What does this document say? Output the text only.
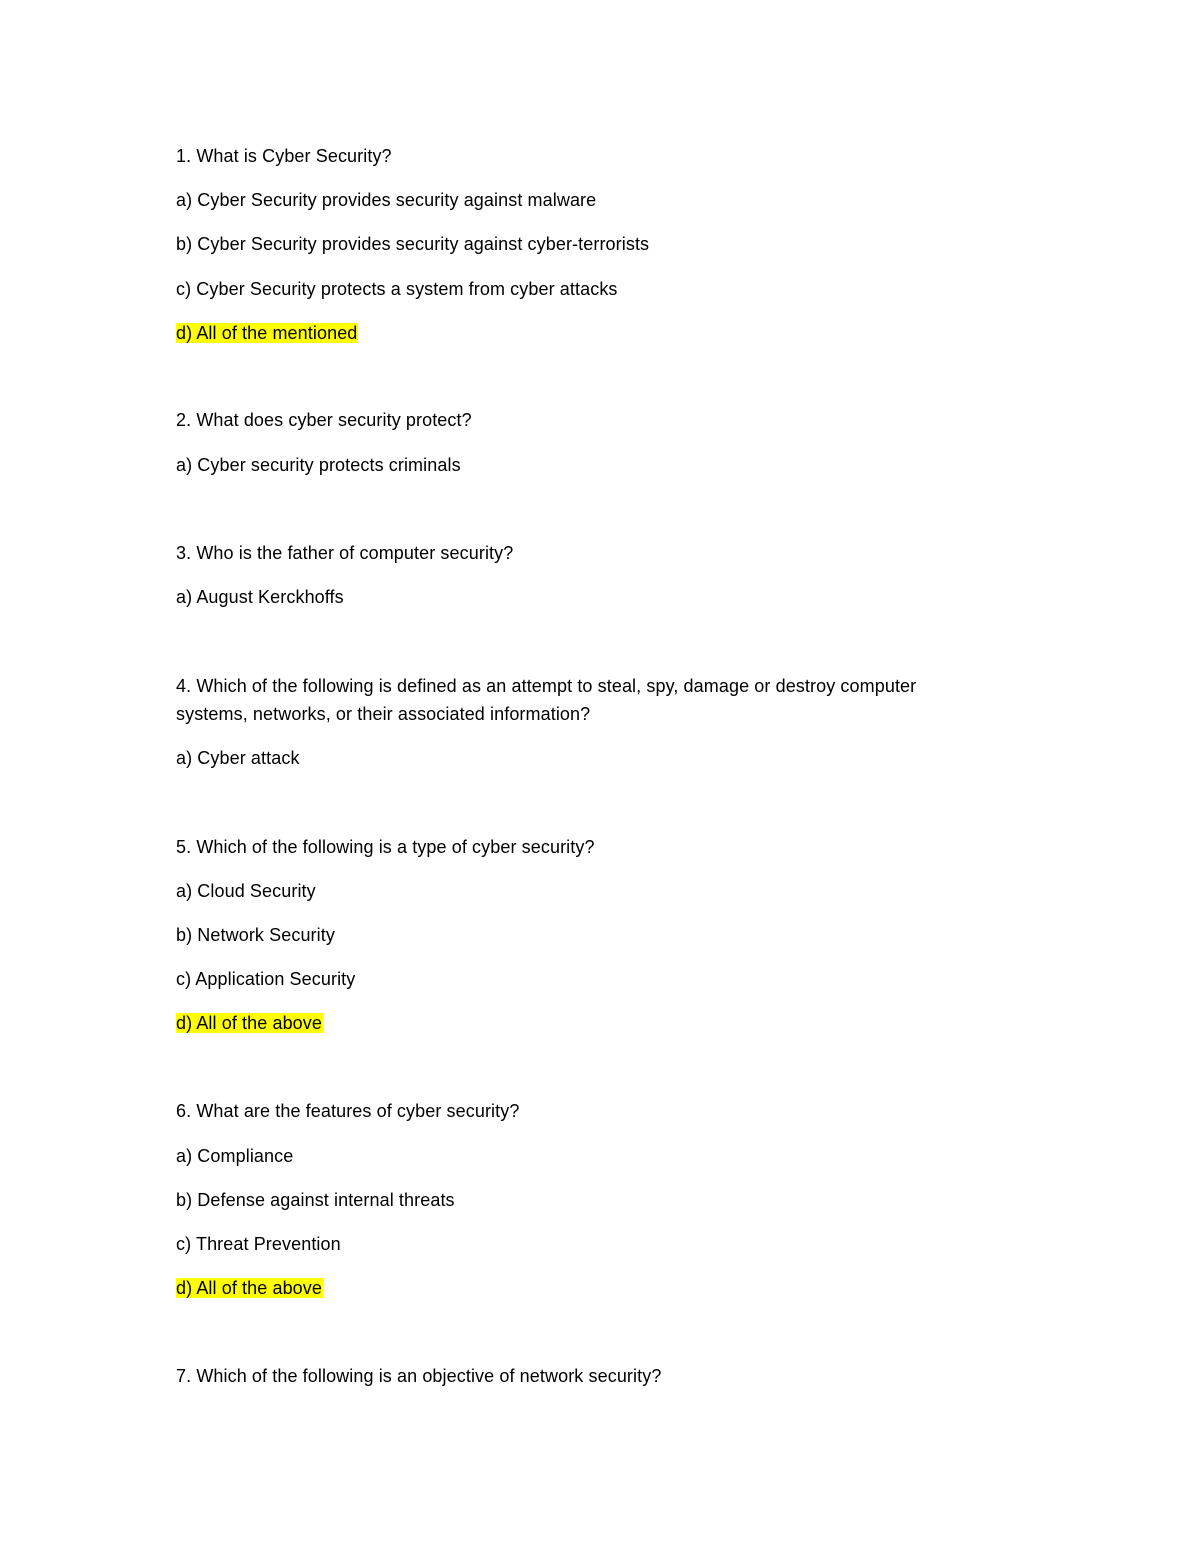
1. What is Cyber Security?
a) Cyber Security provides security against malware
b) Cyber Security provides security against cyber-terrorists
c) Cyber Security protects a system from cyber attacks
d) All of the mentioned
2. What does cyber security protect?
a) Cyber security protects criminals
3. Who is the father of computer security?
a) August Kerckhoffs
4. Which of the following is defined as an attempt to steal, spy, damage or destroy computer
systems, networks, or their associated information?
a) Cyber attack
5. Which of the following is a type of cyber security?
a) Cloud Security
b) Network Security
c) Application Security
d) All of the above
6. What are the features of cyber security?
a) Compliance
b) Defense against internal threats
c) Threat Prevention
d) All of the above
7. Which of the following is an objective of network security?
